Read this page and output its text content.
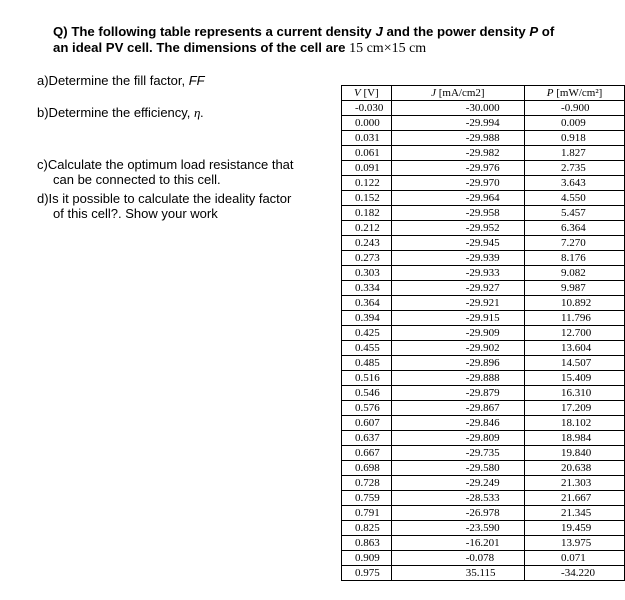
Q) The following table represents a current density J and the power density P of
an ideal PV cell. The dimensions of the cell are 15 cm×15 cm
a)Determine the fill factor, FF
b)Determine the efficiency, η.
c)Calculate the optimum load resistance that
can be connected to this cell.
d)Is it possible to calculate the ideality factor
of this cell?. Show your work
V [V]	J [mA/cm2]	P [mW/cm²]
-0.030	-30.000	-0.900
0.000	-29.994	0.009
0.031	-29.988	0.918
0.061	-29.982	1.827
0.091	-29.976	2.735
0.122	-29.970	3.643
0.152	-29.964	4.550
0.182	-29.958	5.457
0.212	-29.952	6.364
0.243	-29.945	7.270
0.273	-29.939	8.176
0.303	-29.933	9.082
0.334	-29.927	9.987
0.364	-29.921	10.892
0.394	-29.915	11.796
0.425	-29.909	12.700
0.455	-29.902	13.604
0.485	-29.896	14.507
0.516	-29.888	15.409
0.546	-29.879	16.310
0.576	-29.867	17.209
0.607	-29.846	18.102
0.637	-29.809	18.984
0.667	-29.735	19.840
0.698	-29.580	20.638
0.728	-29.249	21.303
0.759	-28.533	21.667
0.791	-26.978	21.345
0.825	-23.590	19.459
0.863	-16.201	13.975
0.909	-0.078	0.071
0.975	35.115	-34.220
